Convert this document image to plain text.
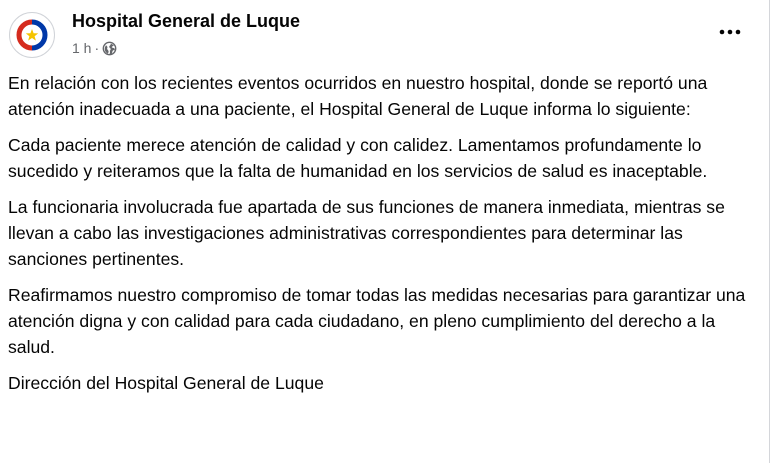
Hospital General de Luque
1 h ·

En relación con los recientes eventos ocurridos en nuestro hospital, donde se reportó una atención inadecuada a una paciente, el Hospital General de Luque informa lo siguiente:

Cada paciente merece atención de calidad y con calidez. Lamentamos profundamente lo sucedido y reiteramos que la falta de humanidad en los servicios de salud es inaceptable.

La funcionaria involucrada fue apartada de sus funciones de manera inmediata, mientras se llevan a cabo las investigaciones administrativas correspondientes para determinar las sanciones pertinentes.

Reafirmamos nuestro compromiso de tomar todas las medidas necesarias para garantizar una atención digna y con calidad para cada ciudadano, en pleno cumplimiento del derecho a la salud.

Dirección del Hospital General de Luque
